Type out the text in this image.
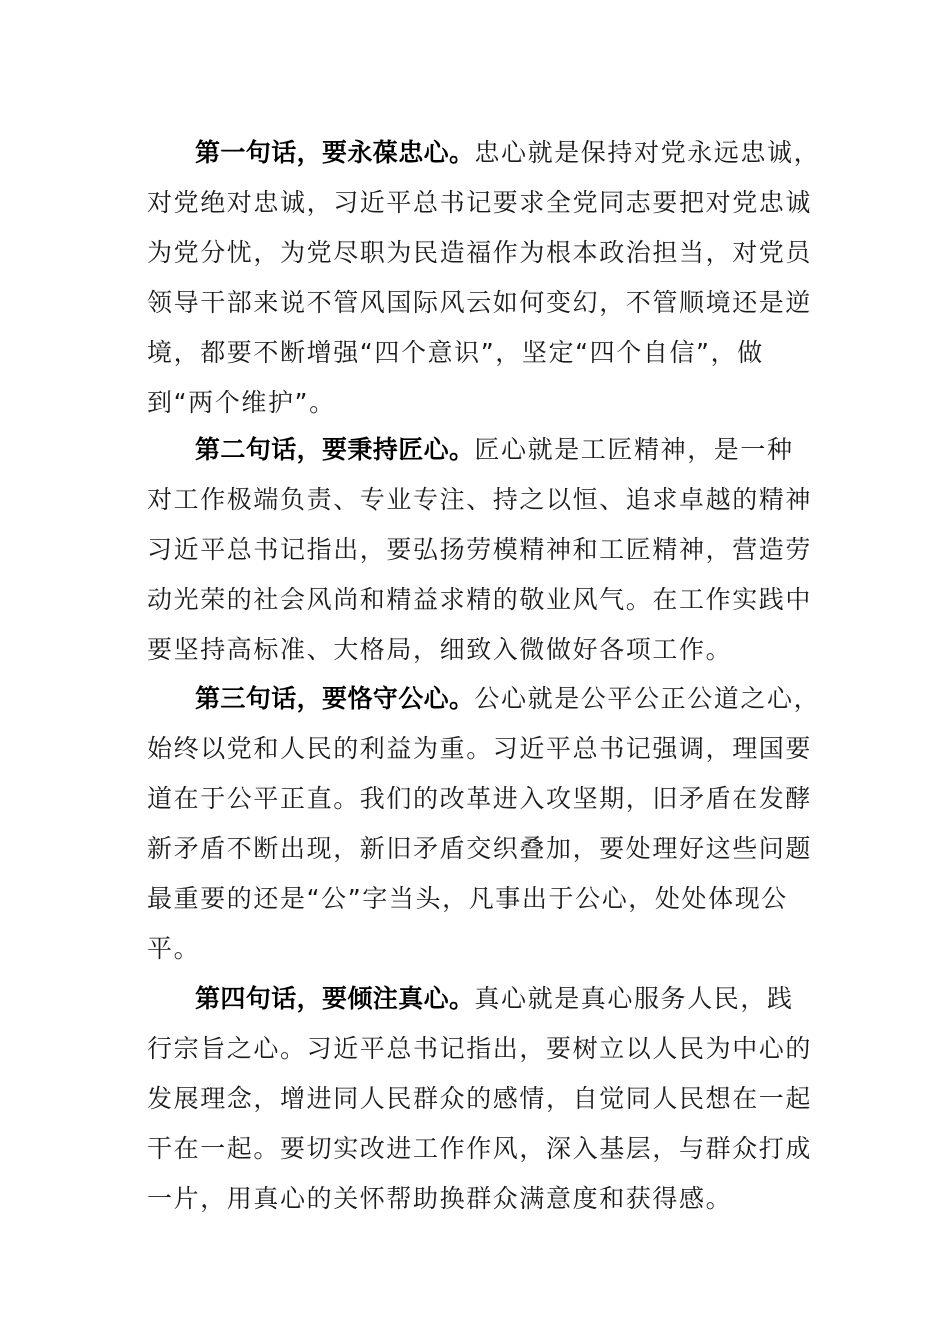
第一句话，要永葆忠心。忠心就是保持对党永远忠诚，
对党绝对忠诚，习近平总书记要求全党同志要把对党忠诚
为党分忧，为党尽职为民造福作为根本政治担当，对党员
领导干部来说不管风国际风云如何变幻，不管顺境还是逆
境，都要不断增强“四个意识”，坚定“四个自信”，做
到“两个维护”。
第二句话，要秉持匠心。匠心就是工匠精神，是一种
对工作极端负责、专业专注、持之以恒、追求卓越的精神
习近平总书记指出，要弘扬劳模精神和工匠精神，营造劳
动光荣的社会风尚和精益求精的敬业风气。在工作实践中
要坚持高标准、大格局，细致入微做好各项工作。
第三句话，要恪守公心。公心就是公平公正公道之心，
始终以党和人民的利益为重。习近平总书记强调，理国要
道在于公平正直。我们的改革进入攻坚期，旧矛盾在发酵
新矛盾不断出现，新旧矛盾交织叠加，要处理好这些问题
最重要的还是“公”字当头，凡事出于公心，处处体现公
平。
第四句话，要倾注真心。真心就是真心服务人民，践
行宗旨之心。习近平总书记指出，要树立以人民为中心的
发展理念，增进同人民群众的感情，自觉同人民想在一起
干在一起。要切实改进工作作风，深入基层，与群众打成
一片，用真心的关怀帮助换群众满意度和获得感。
